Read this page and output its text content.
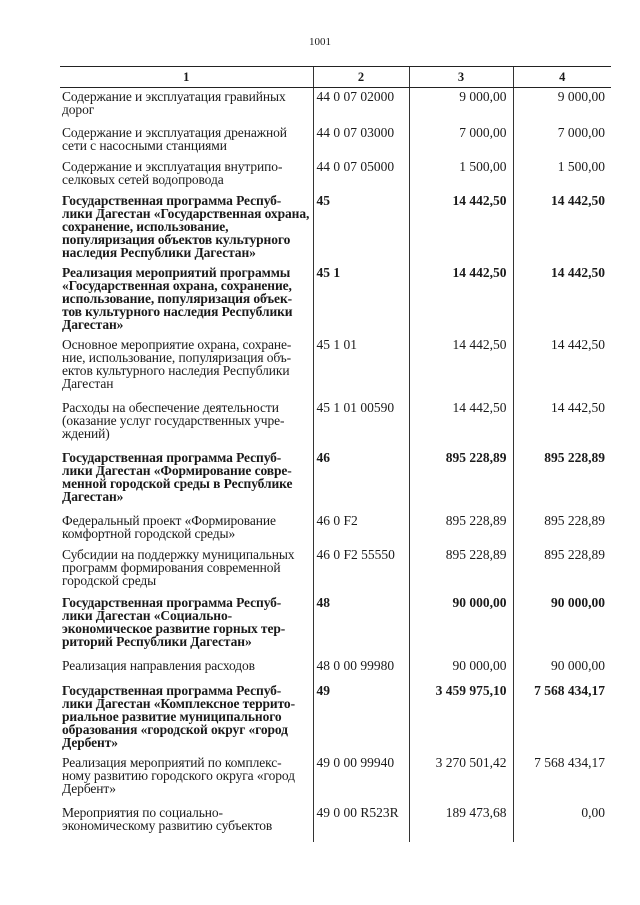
1001
1	2	3	4
Содержание и эксплуатация гравийных дорог	44 0 07 02000	9 000,00	9 000,00
Содержание и эксплуатация дренажной сети с насосными станциями	44 0 07 03000	7 000,00	7 000,00
Содержание и эксплуатация внутрипо-селковых сетей водопровода	44 0 07 05000	1 500,00	1 500,00
Государственная программа Респуб-лики Дагестан «Государственная охрана, сохранение, использование, популяризация объектов культурного наследия Республики Дагестан»	45	14 442,50	14 442,50
Реализация мероприятий программы «Государственная охрана, сохранение, использование, популяризация объек-тов культурного наследия Республики Дагестан»	45 1	14 442,50	14 442,50
Основное мероприятие охрана, сохране-ние, использование, популяризация объ-ектов культурного наследия Республики Дагестан	45 1 01	14 442,50	14 442,50
Расходы на обеспечение деятельности (оказание услуг государственных учре-ждений)	45 1 01 00590	14 442,50	14 442,50
Государственная программа Респуб-лики Дагестан «Формирование совре-менной городской среды в Республике Дагестан»	46	895 228,89	895 228,89
Федеральный проект «Формирование комфортной городской среды»	46 0 F2	895 228,89	895 228,89
Субсидии на поддержку муниципальных программ формирования современной городской среды	46 0 F2 55550	895 228,89	895 228,89
Государственная программа Респуб-лики Дагестан «Социально-экономическое развитие горных тер-риторий Республики Дагестан»	48	90 000,00	90 000,00
Реализация направления расходов	48 0 00 99980	90 000,00	90 000,00
Государственная программа Респуб-лики Дагестан «Комплексное террито-риальное развитие муниципального образования «городской округ «город Дербент»	49	3 459 975,10	7 568 434,17
Реализация мероприятий по комплекс-ному развитию городского округа «город Дербент»	49 0 00 99940	3 270 501,42	7 568 434,17
Мероприятия по социально-экономическому развитию субъектов	49 0 00 R523R	189 473,68	0,00
